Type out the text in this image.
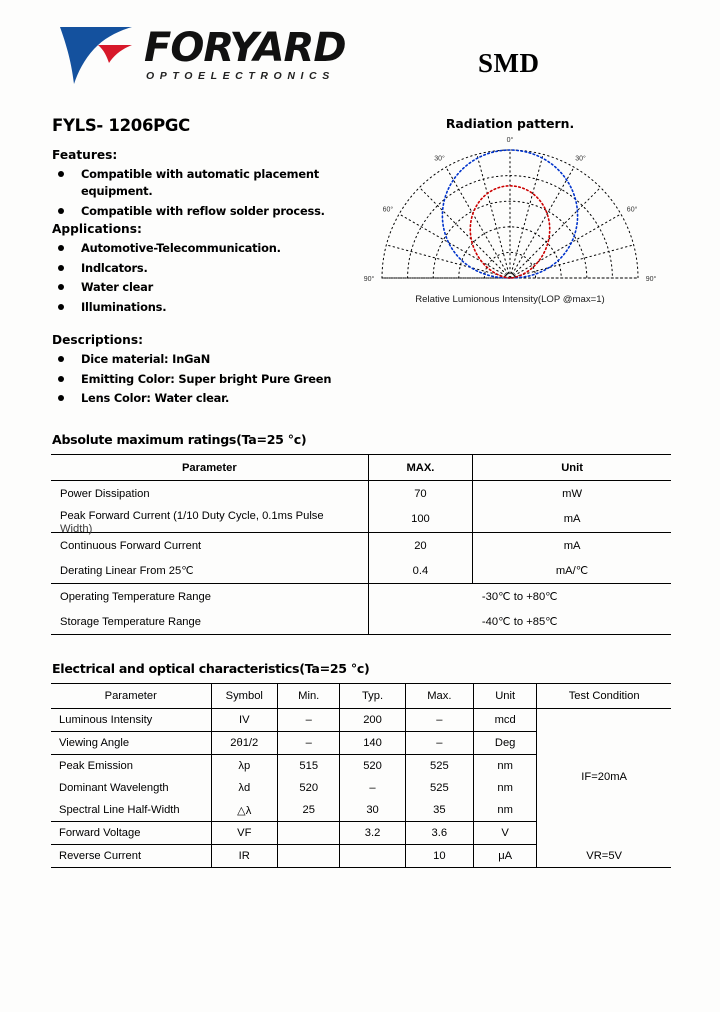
FORYARD
OPTOELECTRONICS	SMD
FYLS- 1206PGC
Features:
Compatible with automatic placement equipment.
Compatible with reflow solder process.
Applications:
Automotive-Telecommunication.
Indlcators.
Water clear
Illuminations.
Descriptions:
Dice material: InGaN
Emitting Color: Super bright Pure Green
Lens Color: Water clear.
Radiation pattern.
90°
60°
30°
0°
30°
60°
90°
Relative Lumionous Intensity(LOP @max=1)
Absolute maximum ratings(Ta=25 °c)
Parameter	MAX.	Unit
Power Dissipation	70	mW
Peak Forward Current (1/10 Duty Cycle, 0.1ms Pulse
Width)	100	mA
Continuous Forward Current	20	mA
Derating Linear From 25℃	0.4	mA/℃
Operating Temperature Range	-30℃ to +80℃	
Storage Temperature Range	-40℃ to +85℃	
Electrical and optical characteristics(Ta=25 °c)
Parameter	Symbol	Min.	Typ.	Max.	Unit	Test Condition
Luminous Intensity	IV	–	200	–	mcd	IF=20mA
Viewing Angle	2θ1/2	–	140	–	Deg	
Peak Emission	λp	515	520	525	nm	
Dominant Wavelength	λd	520	–	525	nm	
Spectral Line Half-Width	△λ	25	30	35	nm	
Forward Voltage	VF		3.2	3.6	V	
Reverse Current	IR			10	μA	VR=5V
